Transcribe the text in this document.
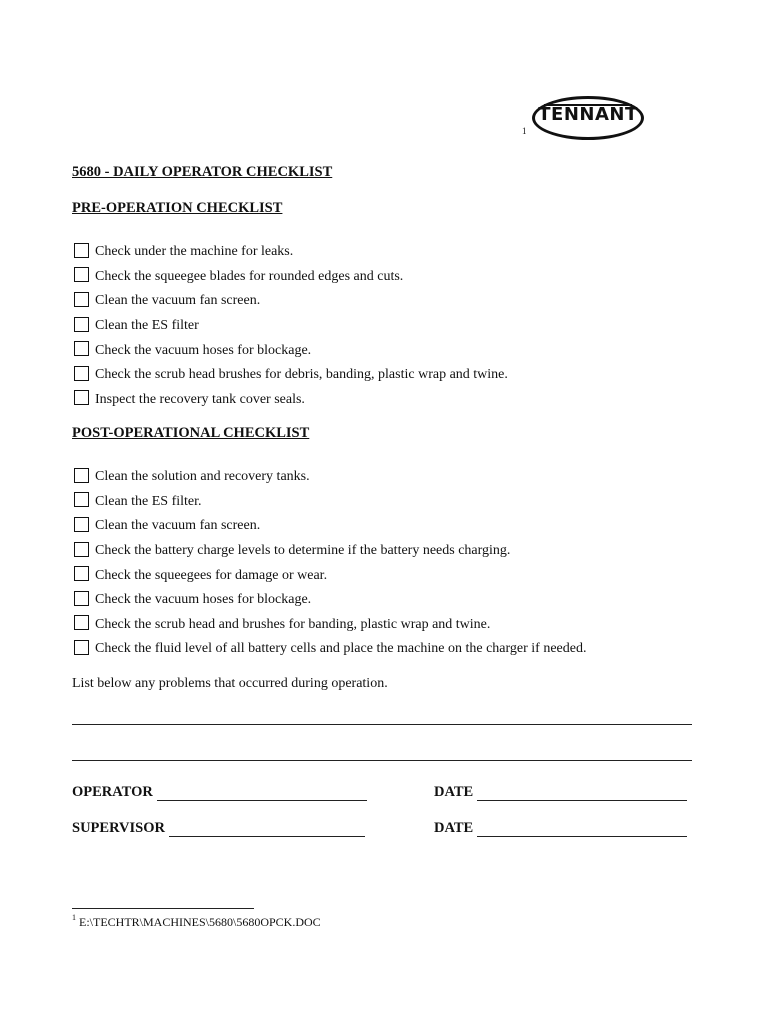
1
TENNANT
5680 - DAILY OPERATOR CHECKLIST
PRE-OPERATION CHECKLIST
Check under the machine for leaks.
Check the squeegee blades for rounded edges and cuts.
Clean the vacuum fan screen.
Clean the ES filter
Check the vacuum hoses for blockage.
Check the scrub head brushes for debris, banding, plastic wrap and twine.
Inspect the recovery tank cover seals.
POST-OPERATIONAL CHECKLIST
Clean the solution and recovery tanks.
Clean the ES filter.
Clean the vacuum fan screen.
Check the battery charge levels to determine if the battery needs charging.
Check the squeegees for damage or wear.
Check the vacuum hoses for blockage.
Check the scrub head and brushes for banding, plastic wrap and twine.
Check the fluid level of all battery cells and place the machine on the charger if needed.
List below any problems that occurred during operation.
OPERATOR	DATE
SUPERVISOR	DATE
$^1$ E:\TECHTR\MACHINES\5680\5680OPCK.DOC
